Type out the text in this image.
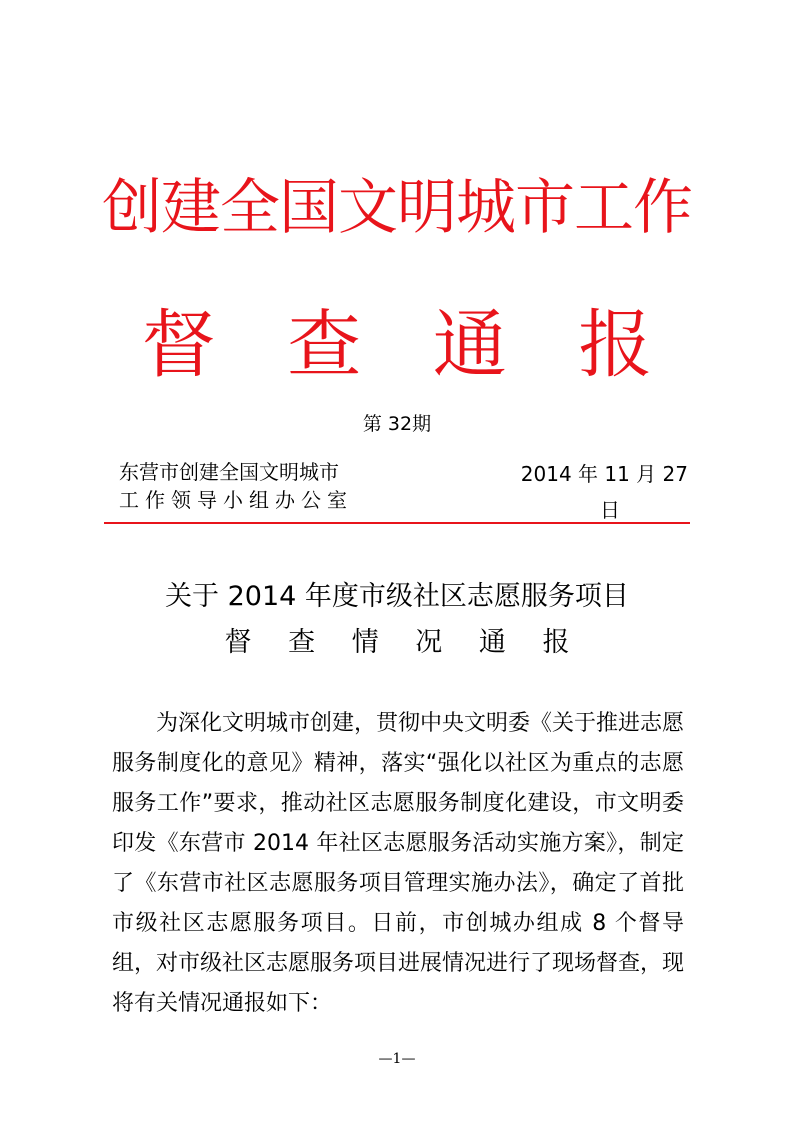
创建全国文明城市工作
督 查 通 报
第 32期
东营市创建全国文明城市
工作领导小组办公室
2014 年 11 月 27
日
关于 2014 年度市级社区志愿服务项目
督 查 情 况 通 报
为深化文明城市创建，贯彻中央文明委《关于推进志愿服务制度化的意见》精神，落实“强化以社区为重点的志愿服务工作”要求，推动社区志愿服务制度化建设，市文明委印发《东营市 2014 年社区志愿服务活动实施方案》，制定了《东营市社区志愿服务项目管理实施办法》，确定了首批市级社区志愿服务项目。日前，市创城办组成 8 个督导组，对市级社区志愿服务项目进展情况进行了现场督查，现将有关情况通报如下：
—1—
